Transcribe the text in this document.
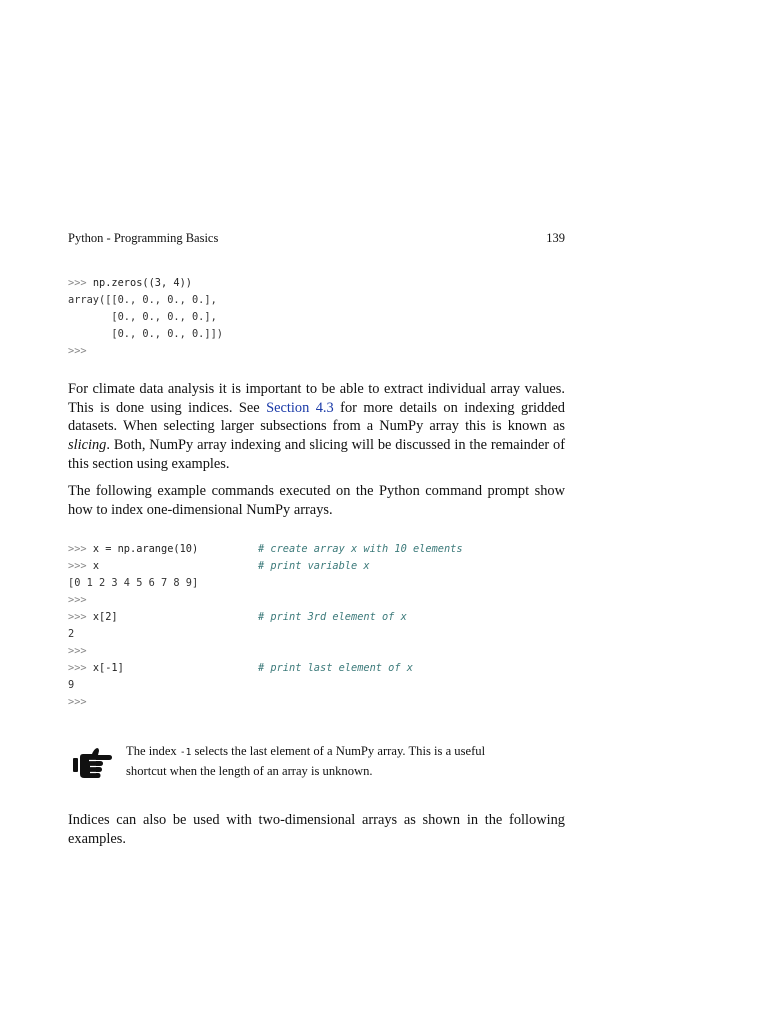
Python - Programming Basics	139
>>> np.zeros((3, 4))
array([[0., 0., 0., 0.],
[0., 0., 0., 0.],
[0., 0., 0., 0.]])
>>>

For climate data analysis it is important to be able to extract individual array values. This is done using indices. See Section 4.3 for more details on indexing gridded datasets. When selecting larger subsections from a NumPy array this is known as slicing. Both, NumPy array indexing and slicing will be discussed in the remainder of this section using examples.

The following example commands executed on the Python command prompt show how to index one-dimensional NumPy arrays.

>>> x = np.arange(10)	# create array x with 10 elements
>>> x	# print variable x
[0 1 2 3 4 5 6 7 8 9]
>>>
>>> x[2]	# print 3rd element of x
2
>>>
>>> x[-1]	# print last element of x
9
>>>
The index -1 selects the last element of a NumPy array. This is a useful shortcut when the length of an array is unknown.

Indices can also be used with two-dimensional arrays as shown in the following examples.
